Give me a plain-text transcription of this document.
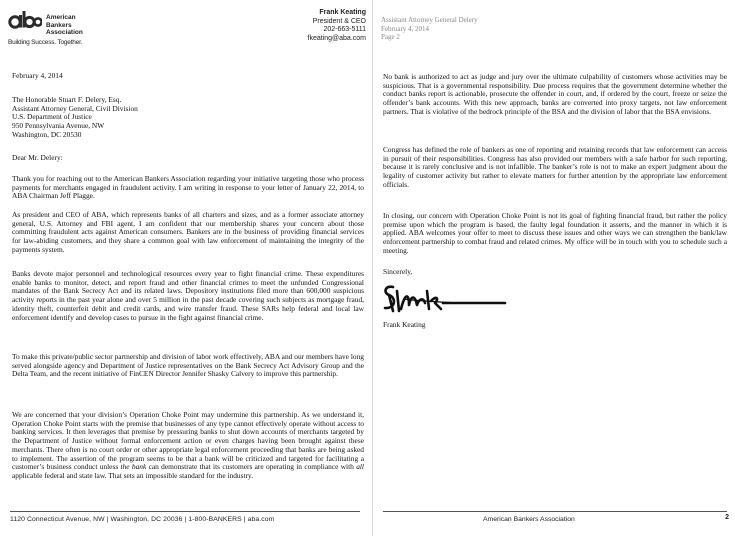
American
Bankers
Association
Building Success. Together.
Frank Keating
President & CEO
202-663-5111
fkeating@aba.com
February 4, 2014
The Honorable Stuart F. Delery, Esq.
Assistant Attorney General, Civil Division
U.S. Department of Justice
950 Pennsylvania Avenue, NW
Washington, DC 20530
Dear Mr. Delery:
Thank you for reaching out to the American Bankers Association regarding your initiative targeting those who process payments for merchants engaged in fraudulent activity. I am writing in response to your letter of January 22, 2014, to ABA Chairman Jeff Plagge.
As president and CEO of ABA, which represents banks of all charters and sizes, and as a former associate attorney general, U.S. Attorney and FBI agent, I am confident that our membership shares your concern about those committing fraudulent acts against American consumers. Bankers are in the business of providing financial services for law-abiding customers, and they share a common goal with law enforcement of maintaining the integrity of the payments system.
Banks devote major personnel and technological resources every year to fight financial crime. These expenditures enable banks to monitor, detect, and report fraud and other financial crimes to meet the unfunded Congressional mandates of the Bank Secrecy Act and its related laws. Depository institutions filed more than 600,000 suspicious activity reports in the past year alone and over 5 million in the past decade covering such subjects as mortgage fraud, identity theft, counterfeit debit and credit cards, and wire transfer fraud. These SARs help federal and local law enforcement identify and develop cases to pursue in the fight against financial crime.
To make this private/public sector partnership and division of labor work effectively, ABA and our members have long served alongside agency and Department of Justice representatives on the Bank Secrecy Act Advisory Group and the Delta Team, and the recent initiative of FinCEN Director Jennifer Shasky Calvery to improve this partnership.
We are concerned that your division’s Operation Choke Point may undermine this partnership. As we understand it, Operation Choke Point starts with the premise that businesses of any type cannot effectively operate without access to banking services. It then leverages that premise by pressuring banks to shut down accounts of merchants targeted by the Department of Justice without formal enforcement action or even charges having been brought against these merchants. There often is no court order or other appropriate legal enforcement proceeding that banks are being asked to implement. The assertion of the program seems to be that a bank will be criticized and targeted for facilitating a customer’s business conduct unless the bank can demonstrate that its customers are operating in compliance with all applicable federal and state law. That sets an impossible standard for the industry.
1120 Connecticut Avenue, NW | Washington, DC 20036 | 1-800-BANKERS | aba.com
Assistant Attorney General Delery
February 4, 2014
Page 2
No bank is authorized to act as judge and jury over the ultimate culpability of customers whose activities may be suspicious. That is a governmental responsibility. Due process requires that the government determine whether the conduct banks report is actionable, prosecute the offender in court, and, if ordered by the court, freeze or seize the offender’s bank accounts. With this new approach, banks are converted into proxy targets, not law enforcement partners. That is violative of the bedrock principle of the BSA and the division of labor that the BSA envisions.
Congress has defined the role of bankers as one of reporting and retaining records that law enforcement can access in pursuit of their responsibilities. Congress has also provided our members with a safe harbor for such reporting, because it is rarely conclusive and is not infallible. The banker’s role is not to make an expert judgment about the legality of customer activity but rather to elevate matters for further attention by the appropriate law enforcement officials.
In closing, our concern with Operation Choke Point is not its goal of fighting financial fraud, but rather the policy premise upon which the program is based, the faulty legal foundation it asserts, and the manner in which it is applied. ABA welcomes your offer to meet to discuss these issues and other ways we can strengthen the bank/law enforcement partnership to combat fraud and related crimes. My office will be in touch with you to schedule such a meeting.
Sincerely,
Frank Keating
American Bankers Association	2
